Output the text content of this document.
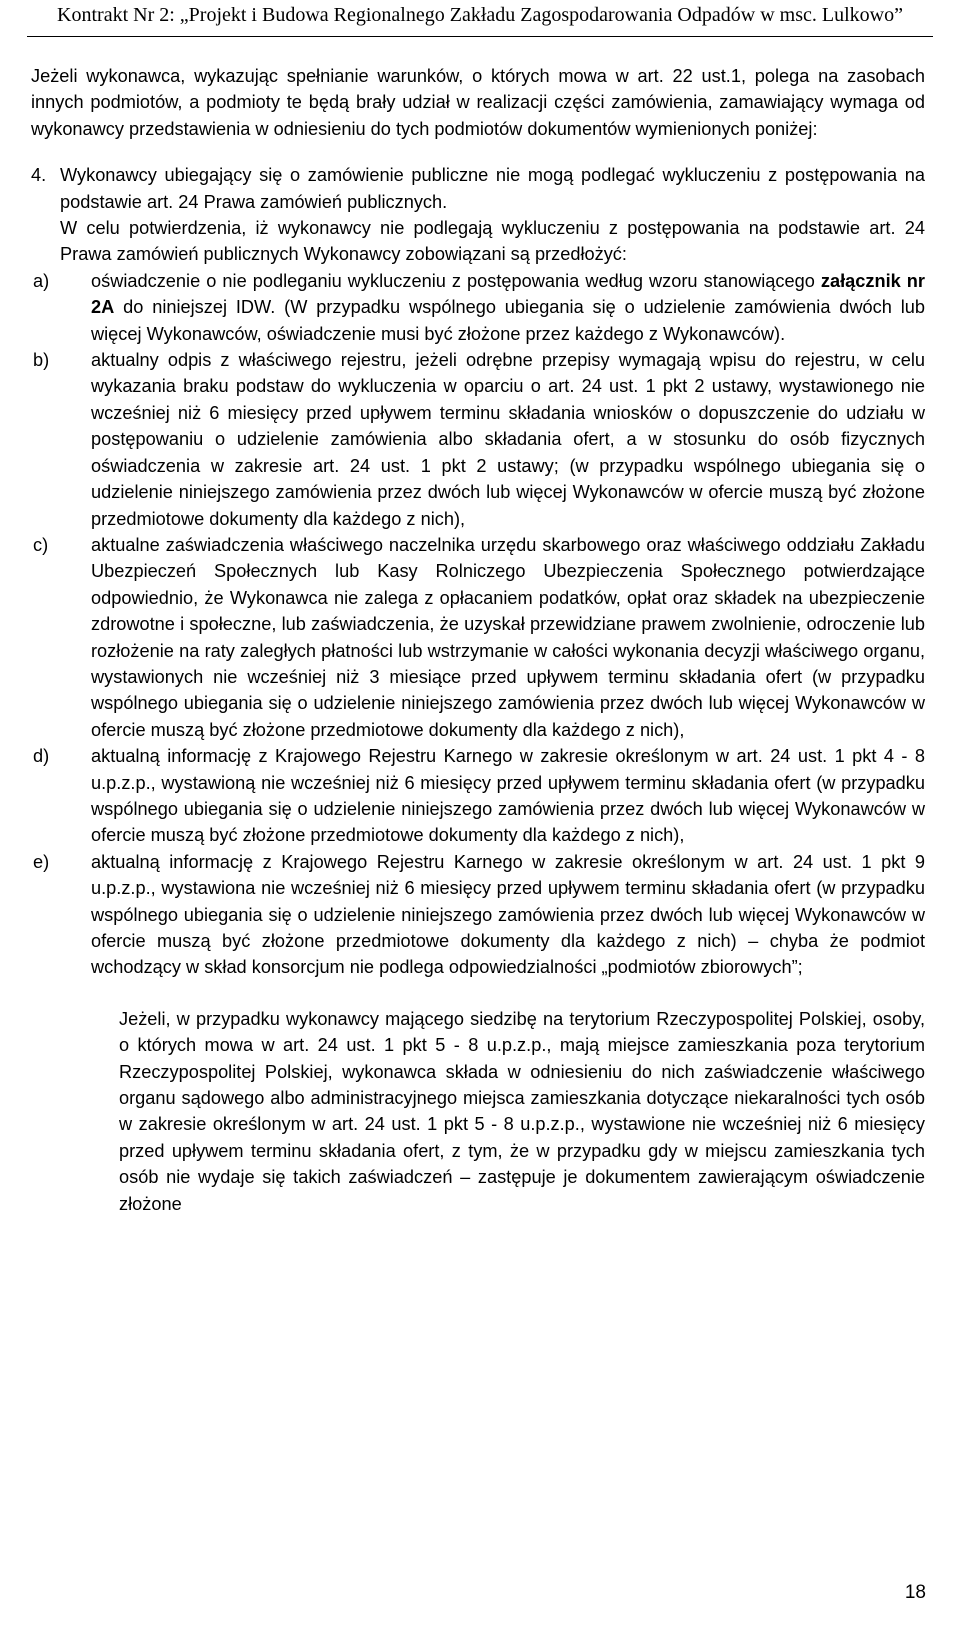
Kontrakt Nr 2: „Projekt i Budowa Regionalnego Zakładu Zagospodarowania Odpadów w msc. Lulkowo”

Jeżeli wykonawca, wykazując spełnianie warunków, o których mowa w art. 22 ust.1, polega na zasobach innych podmiotów, a podmioty te będą brały udział w realizacji części zamówienia, zamawiający wymaga od wykonawcy przedstawienia w odniesieniu do tych podmiotów dokumentów wymienionych poniżej:

4. Wykonawcy ubiegający się o zamówienie publiczne nie mogą podlegać wykluczeniu z postępowania na podstawie art. 24 Prawa zamówień publicznych.

W celu potwierdzenia, iż wykonawcy nie podlegają wykluczeniu z postępowania na podstawie art. 24 Prawa zamówień publicznych Wykonawcy zobowiązani są przedłożyć:

a)	oświadczenie o nie podleganiu wykluczeniu z postępowania według wzoru stanowiącego załącznik nr 2A do niniejszej IDW. (W przypadku wspólnego ubiegania się o udzielenie zamówienia dwóch lub więcej Wykonawców, oświadczenie musi być złożone przez każdego z Wykonawców).
b)	aktualny odpis z właściwego rejestru, jeżeli odrębne przepisy wymagają wpisu do rejestru, w celu wykazania braku podstaw do wykluczenia w oparciu o art. 24 ust. 1 pkt 2 ustawy, wystawionego nie wcześniej niż 6 miesięcy przed upływem terminu składania wniosków o dopuszczenie do udziału w postępowaniu o udzielenie zamówienia albo składania ofert, a w stosunku do osób fizycznych oświadczenia w zakresie art. 24 ust. 1 pkt 2 ustawy; (w przypadku wspólnego ubiegania się o udzielenie niniejszego zamówienia przez dwóch lub więcej Wykonawców w ofercie muszą być złożone przedmiotowe dokumenty dla każdego z nich),
c)	aktualne zaświadczenia właściwego naczelnika urzędu skarbowego oraz właściwego oddziału Zakładu Ubezpieczeń Społecznych lub Kasy Rolniczego Ubezpieczenia Społecznego potwierdzające odpowiednio, że Wykonawca nie zalega z opłacaniem podatków, opłat oraz składek na ubezpieczenie zdrowotne i społeczne, lub zaświadczenia, że uzyskał przewidziane prawem zwolnienie, odroczenie lub rozłożenie na raty zaległych płatności lub wstrzymanie w całości wykonania decyzji właściwego organu, wystawionych nie wcześniej niż 3 miesiące przed upływem terminu składania ofert (w przypadku wspólnego ubiegania się o udzielenie niniejszego zamówienia przez dwóch lub więcej Wykonawców w ofercie muszą być złożone przedmiotowe dokumenty dla każdego z nich),
d)	aktualną informację z Krajowego Rejestru Karnego w zakresie określonym w art. 24 ust. 1 pkt 4 - 8 u.p.z.p., wystawioną nie wcześniej niż 6 miesięcy przed upływem terminu składania ofert (w przypadku wspólnego ubiegania się o udzielenie niniejszego zamówienia przez dwóch lub więcej Wykonawców w ofercie muszą być złożone przedmiotowe dokumenty dla każdego z nich),
e)	aktualną informację z Krajowego Rejestru Karnego w zakresie określonym w art. 24 ust. 1 pkt 9 u.p.z.p., wystawiona nie wcześniej niż 6 miesięcy przed upływem terminu składania ofert (w przypadku wspólnego ubiegania się o udzielenie niniejszego zamówienia przez dwóch lub więcej Wykonawców w ofercie muszą być złożone przedmiotowe dokumenty dla każdego z nich) – chyba że podmiot wchodzący w skład konsorcjum nie podlega odpowiedzialności „podmiotów zbiorowych”;

Jeżeli, w przypadku wykonawcy mającego siedzibę na terytorium Rzeczypospolitej Polskiej, osoby, o których mowa w art. 24 ust. 1 pkt 5 - 8 u.p.z.p., mają miejsce zamieszkania poza terytorium Rzeczypospolitej Polskiej, wykonawca składa w odniesieniu do nich zaświadczenie właściwego organu sądowego albo administracyjnego miejsca zamieszkania dotyczące niekaralności tych osób w zakresie określonym w art. 24 ust. 1 pkt 5 - 8 u.p.z.p., wystawione nie wcześniej niż 6 miesięcy przed upływem terminu składania ofert, z tym, że w przypadku gdy w miejscu zamieszkania tych osób nie wydaje się takich zaświadczeń – zastępuje je dokumentem zawierającym oświadczenie złożone

18
